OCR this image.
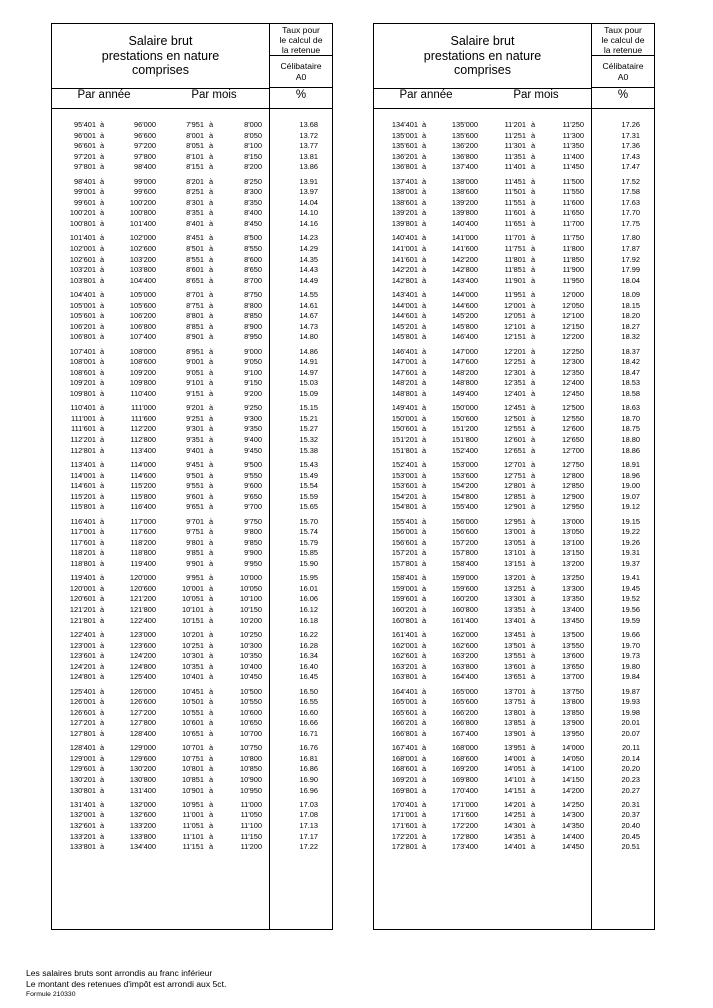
Salaire brut
prestations en nature
comprises
Taux pour
le calcul de
la retenue
Célibataire
A0
Par année	Par mois	%
95'401 à	96'000	7'951 à	8'000	13.68
96'001 à	96'600	8'001 à	8'050	13.72
96'601 à	97'200	8'051 à	8'100	13.77
97'201 à	97'800	8'101 à	8'150	13.81
97'801 à	98'400	8'151 à	8'200	13.86
98'401 à	99'000	8'201 à	8'250	13.91
99'001 à	99'600	8'251 à	8'300	13.97
99'601 à	100'200	8'301 à	8'350	14.04
100'201 à	100'800	8'351 à	8'400	14.10
100'801 à	101'400	8'401 à	8'450	14.16
101'401 à	102'000	8'451 à	8'500	14.23
102'001 à	102'600	8'501 à	8'550	14.29
102'601 à	103'200	8'551 à	8'600	14.35
103'201 à	103'800	8'601 à	8'650	14.43
103'801 à	104'400	8'651 à	8'700	14.49
104'401 à	105'000	8'701 à	8'750	14.55
105'001 à	105'600	8'751 à	8'800	14.61
105'601 à	106'200	8'801 à	8'850	14.67
106'201 à	106'800	8'851 à	8'900	14.73
106'801 à	107'400	8'901 à	8'950	14.80
107'401 à	108'000	8'951 à	9'000	14.86
108'001 à	108'600	9'001 à	9'050	14.91
108'601 à	109'200	9'051 à	9'100	14.97
109'201 à	109'800	9'101 à	9'150	15.03
109'801 à	110'400	9'151 à	9'200	15.09
110'401 à	111'000	9'201 à	9'250	15.15
111'001 à	111'600	9'251 à	9'300	15.21
111'601 à	112'200	9'301 à	9'350	15.27
112'201 à	112'800	9'351 à	9'400	15.32
112'801 à	113'400	9'401 à	9'450	15.38
113'401 à	114'000	9'451 à	9'500	15.43
114'001 à	114'600	9'501 à	9'550	15.49
114'601 à	115'200	9'551 à	9'600	15.54
115'201 à	115'800	9'601 à	9'650	15.59
115'801 à	116'400	9'651 à	9'700	15.65
116'401 à	117'000	9'701 à	9'750	15.70
117'001 à	117'600	9'751 à	9'800	15.74
117'601 à	118'200	9'801 à	9'850	15.79
118'201 à	118'800	9'851 à	9'900	15.85
118'801 à	119'400	9'901 à	9'950	15.90
119'401 à	120'000	9'951 à	10'000	15.95
120'001 à	120'600	10'001 à	10'050	16.01
120'601 à	121'200	10'051 à	10'100	16.06
121'201 à	121'800	10'101 à	10'150	16.12
121'801 à	122'400	10'151 à	10'200	16.18
122'401 à	123'000	10'201 à	10'250	16.22
123'001 à	123'600	10'251 à	10'300	16.28
123'601 à	124'200	10'301 à	10'350	16.34
124'201 à	124'800	10'351 à	10'400	16.40
124'801 à	125'400	10'401 à	10'450	16.45
125'401 à	126'000	10'451 à	10'500	16.50
126'001 à	126'600	10'501 à	10'550	16.55
126'601 à	127'200	10'551 à	10'600	16.60
127'201 à	127'800	10'601 à	10'650	16.66
127'801 à	128'400	10'651 à	10'700	16.71
128'401 à	129'000	10'701 à	10'750	16.76
129'001 à	129'600	10'751 à	10'800	16.81
129'601 à	130'200	10'801 à	10'850	16.86
130'201 à	130'800	10'851 à	10'900	16.90
130'801 à	131'400	10'901 à	10'950	16.96
131'401 à	132'000	10'951 à	11'000	17.03
132'001 à	132'600	11'001 à	11'050	17.08
132'601 à	133'200	11'051 à	11'100	17.13
133'201 à	133'800	11'101 à	11'150	17.17
133'801 à	134'400	11'151 à	11'200	17.22
Salaire brut
prestations en nature
comprises
Taux pour
le calcul de
la retenue
Célibataire
A0
Par année	Par mois	%
134'401 à	135'000	11'201 à	11'250	17.26
135'001 à	135'600	11'251 à	11'300	17.31
135'601 à	136'200	11'301 à	11'350	17.36
136'201 à	136'800	11'351 à	11'400	17.43
136'801 à	137'400	11'401 à	11'450	17.47
137'401 à	138'000	11'451 à	11'500	17.52
138'001 à	138'600	11'501 à	11'550	17.58
138'601 à	139'200	11'551 à	11'600	17.63
139'201 à	139'800	11'601 à	11'650	17.70
139'801 à	140'400	11'651 à	11'700	17.75
140'401 à	141'000	11'701 à	11'750	17.80
141'001 à	141'600	11'751 à	11'800	17.87
141'601 à	142'200	11'801 à	11'850	17.92
142'201 à	142'800	11'851 à	11'900	17.99
142'801 à	143'400	11'901 à	11'950	18.04
143'401 à	144'000	11'951 à	12'000	18.09
144'001 à	144'600	12'001 à	12'050	18.15
144'601 à	145'200	12'051 à	12'100	18.20
145'201 à	145'800	12'101 à	12'150	18.27
145'801 à	146'400	12'151 à	12'200	18.32
146'401 à	147'000	12'201 à	12'250	18.37
147'001 à	147'600	12'251 à	12'300	18.42
147'601 à	148'200	12'301 à	12'350	18.47
148'201 à	148'800	12'351 à	12'400	18.53
148'801 à	149'400	12'401 à	12'450	18.58
149'401 à	150'000	12'451 à	12'500	18.63
150'001 à	150'600	12'501 à	12'550	18.70
150'601 à	151'200	12'551 à	12'600	18.75
151'201 à	151'800	12'601 à	12'650	18.80
151'801 à	152'400	12'651 à	12'700	18.86
152'401 à	153'000	12'701 à	12'750	18.91
153'001 à	153'600	12'751 à	12'800	18.96
153'601 à	154'200	12'801 à	12'850	19.00
154'201 à	154'800	12'851 à	12'900	19.07
154'801 à	155'400	12'901 à	12'950	19.12
155'401 à	156'000	12'951 à	13'000	19.15
156'001 à	156'600	13'001 à	13'050	19.22
156'601 à	157'200	13'051 à	13'100	19.26
157'201 à	157'800	13'101 à	13'150	19.31
157'801 à	158'400	13'151 à	13'200	19.37
158'401 à	159'000	13'201 à	13'250	19.41
159'001 à	159'600	13'251 à	13'300	19.45
159'601 à	160'200	13'301 à	13'350	19.52
160'201 à	160'800	13'351 à	13'400	19.56
160'801 à	161'400	13'401 à	13'450	19.59
161'401 à	162'000	13'451 à	13'500	19.66
162'001 à	162'600	13'501 à	13'550	19.70
162'601 à	163'200	13'551 à	13'600	19.73
163'201 à	163'800	13'601 à	13'650	19.80
163'801 à	164'400	13'651 à	13'700	19.84
164'401 à	165'000	13'701 à	13'750	19.87
165'001 à	165'600	13'751 à	13'800	19.93
165'601 à	166'200	13'801 à	13'850	19.98
166'201 à	166'800	13'851 à	13'900	20.01
166'801 à	167'400	13'901 à	13'950	20.07
167'401 à	168'000	13'951 à	14'000	20.11
168'001 à	168'600	14'001 à	14'050	20.14
168'601 à	169'200	14'051 à	14'100	20.20
169'201 à	169'800	14'101 à	14'150	20.23
169'801 à	170'400	14'151 à	14'200	20.27
170'401 à	171'000	14'201 à	14'250	20.31
171'001 à	171'600	14'251 à	14'300	20.37
171'601 à	172'200	14'301 à	14'350	20.40
172'201 à	172'800	14'351 à	14'400	20.45
172'801 à	173'400	14'401 à	14'450	20.51
Les salaires bruts sont arrondis au franc inférieur
Le montant des retenues d'impôt est arrondi aux 5ct.
Formule 210330
